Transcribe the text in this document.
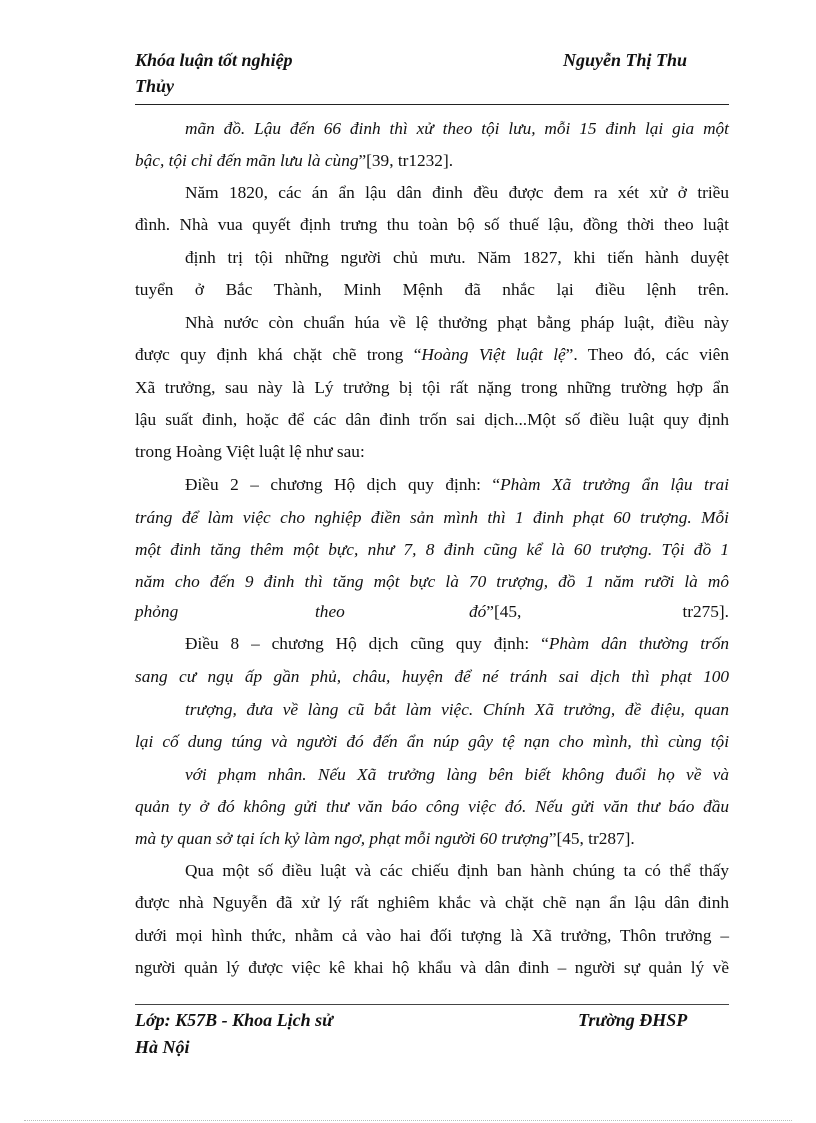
Khóa luận tốt nghiệp	Nguyễn Thị Thu
Thủy
mãn đồ. Lậu đến 66 đinh thì xử theo tội lưu, mỗi 15 đinh lại gia một
bậc, tội chỉ đến mãn lưu là cùng”[39, tr1232].
Năm 1820, các án ẩn lậu dân đinh đều được đem ra xét xử ở triều
đình. Nhà vua quyết định trưng thu toàn bộ số thuế lậu, đồng thời theo luật
định trị tội những người chủ mưu. Năm 1827, khi tiến hành duyệt
tuyển ở Bắc Thành, Minh Mệnh đã nhắc lại điều lệnh trên.
Nhà nước còn chuẩn húa về lệ thưởng phạt bằng pháp luật, điều này
được quy định khá chặt chẽ trong “Hoàng Việt luật lệ”. Theo đó, các viên
Xã trưởng, sau này là Lý trưởng bị tội rất nặng trong những trường hợp ẩn
lậu suất đinh, hoặc để các dân đinh trốn sai dịch...Một số điều luật quy định
trong Hoàng Việt luật lệ như sau:
Điều 2 – chương Hộ dịch quy định: “Phàm Xã trưởng ẩn lậu trai
tráng để làm việc cho nghiệp điền sản mình thì 1 đinh phạt 60 trượng. Mỗi
một đinh tăng thêm một bực, như 7, 8 đinh cũng kể là 60 trượng. Tội đồ 1
năm cho đến 9 đinh thì tăng một bực là 70 trượng, đồ 1 năm rưỡi là mô
phỏng	theo	đó”[45,	tr275].
Điều 8 – chương Hộ dịch cũng quy định: “Phàm dân thường trốn
sang cư ngụ ấp gần phủ, châu, huyện để né tránh sai dịch thì phạt 100
trượng, đưa về làng cũ bắt làm việc. Chính Xã trưởng, đề điệu, quan
lại cố dung túng và người đó đến ẩn núp gây tệ nạn cho mình, thì cùng tội
với phạm nhân. Nếu Xã trưởng làng bên biết không đuổi họ về và
quản ty ở đó không gửi thư văn báo công việc đó. Nếu gửi văn thư báo đầu
mà ty quan sở tại ích kỷ làm ngơ, phạt mỗi người 60 trượng”[45, tr287].
Qua một số điều luật và các chiếu định ban hành chúng ta có thể thấy
được nhà Nguyễn đã xử lý rất nghiêm khắc và chặt chẽ nạn ẩn lậu dân đinh
dưới mọi hình thức, nhằm cả vào hai đối tượng là Xã trưởng, Thôn trưởng –
người quản lý được việc kê khai hộ khẩu và dân đinh – người sự quản lý về
Lớp: K57B - Khoa Lịch sử	Trường ĐHSP
Hà Nội
